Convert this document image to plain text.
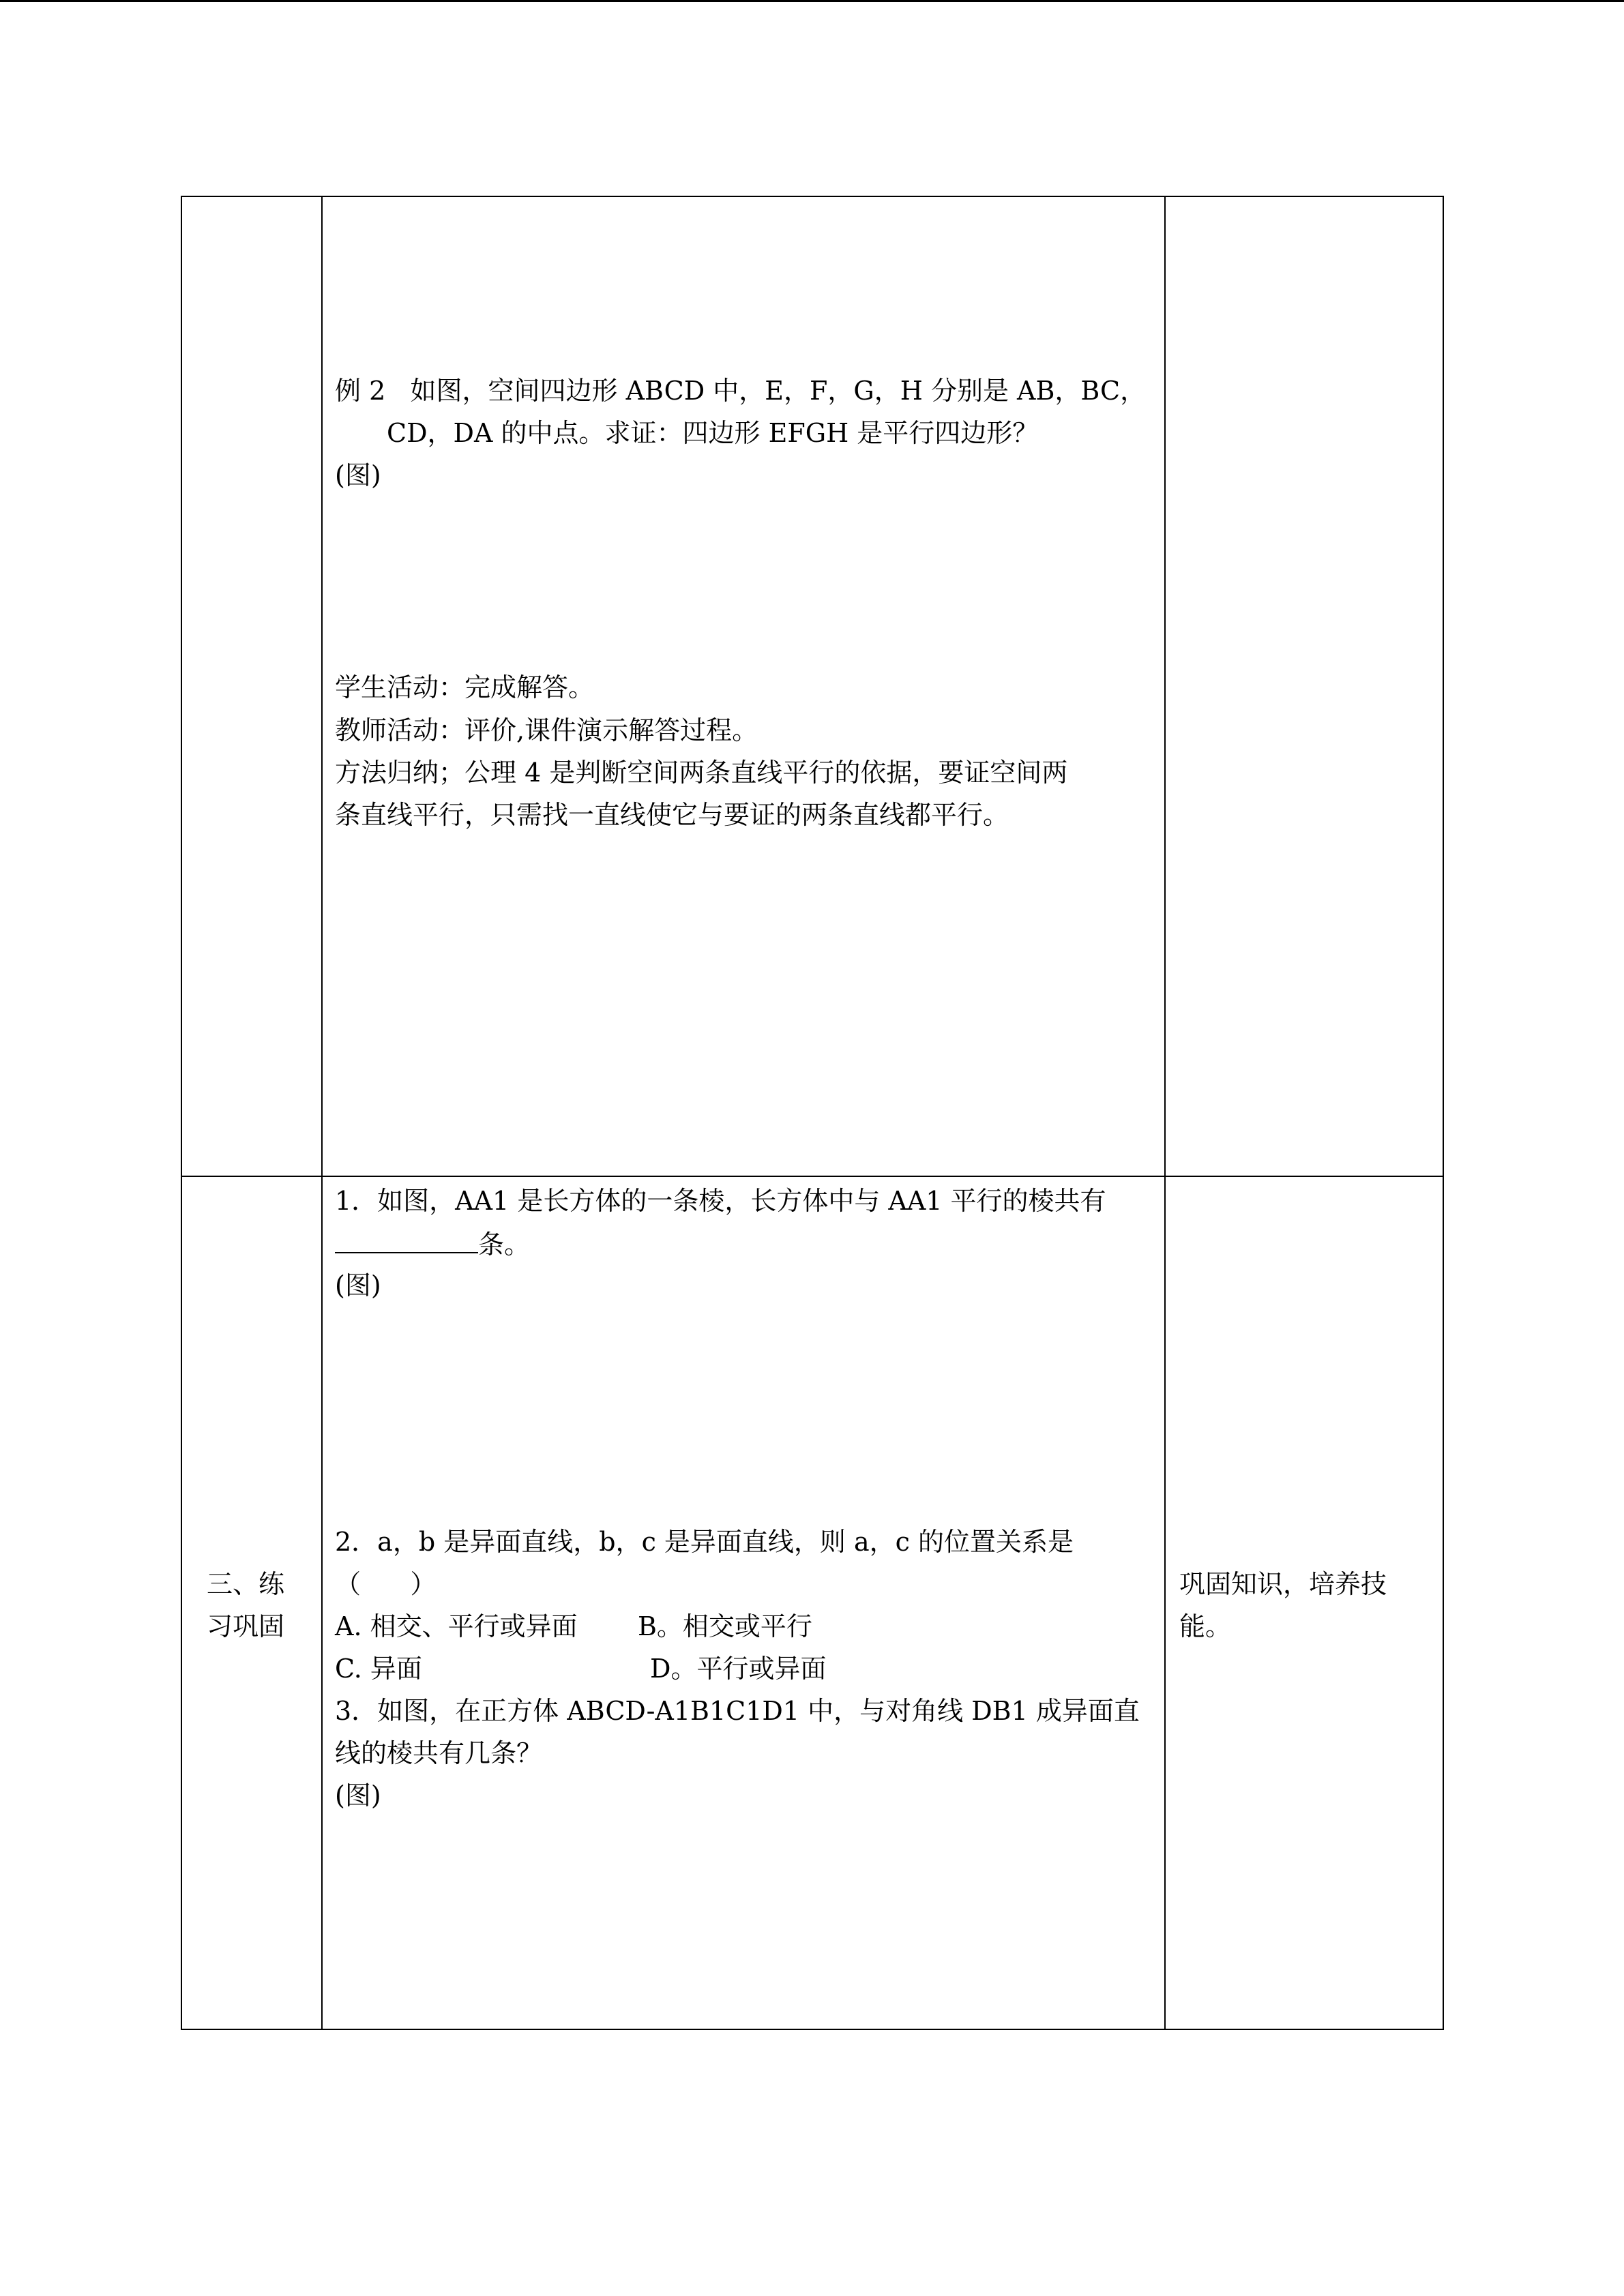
例 2   如图，空间四边形 ABCD 中，E，F，G，H 分别是 AB，BC，

CD，DA 的中点。求证：四边形 EFGH 是平行四边形？

(图)

学生活动：完成解答。

教师活动：评价,课件演示解答过程。

方法归纳；公理 4 是判断空间两条直线平行的依据，要证空间两

条直线平行，只需找一直线使它与要证的两条直线都平行。

三、练

习巩固

1．如图，AA1 是长方体的一条棱，长方体中与 AA1 平行的棱共有

条。

(图)

2．a，b 是异面直线，b，c 是异面直线，则 a，c 的位置关系是

（      ）

A. 相交、平行或异面 B。相交或平行

C. 异面	D。平行或异面

3．如图，在正方体 ABCD-A1B1C1D1 中，与对角线 DB1 成异面直

线的棱共有几条？

(图)

巩固知识，培养技

能。
